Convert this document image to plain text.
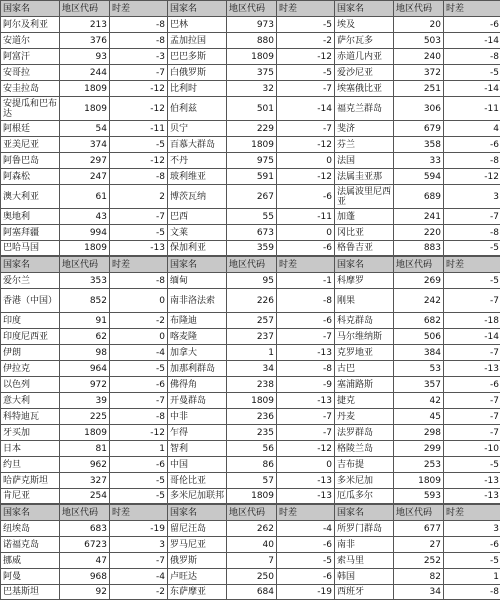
国家名	地区代码	时差
阿尔及利亚	213	-8
安道尔	376	-8
阿富汗	93	-3
安哥拉	244	-7
安圭拉岛	1809	-12
安提瓜和巴布达	1809	-12
阿根廷	54	-11
亚美尼亚	374	-5
阿鲁巴岛	297	-12
阿森松	247	-8
澳大利亚	61	2
奥地利	43	-7
阿塞拜疆	994	-5
巴哈马国	1809	-13
国家名	地区代码	时差
巴林	973	-5
孟加拉国	880	-2
巴巴多斯	1809	-12
白俄罗斯	375	-5
比利时	32	-7
伯利兹	501	-14
贝宁	229	-7
百慕大群岛	1809	-12
不丹	975	0
玻利维亚	591	-12
博茨瓦纳	267	-6
巴西	55	-11
文莱	673	0
保加利亚	359	-6
国家名	地区代码	时差
埃及	20	-6
萨尔瓦多	503	-14
赤道几内亚	240	-8
爱沙尼亚	372	-5
埃塞俄比亚	251	-14
福克兰群岛	306	-11
斐济	679	4
芬兰	358	-6
法国	33	-8
法属圭亚那	594	-12
法属波里尼西亚	689	3
加蓬	241	-7
冈比亚	220	-8
格鲁吉亚	883	-5
国家名	地区代码	时差
爱尔兰	353	-8
香港（中国）	852	0
印度	91	-2
印度尼西亚	62	0
伊朗	98	-4
伊拉克	964	-5
以色列	972	-6
意大利	39	-7
科特迪瓦	225	-8
牙买加	1809	-12
日本	81	1
约旦	962	-6
哈萨克斯坦	327	-5
肯尼亚	254	-5
国家名	地区代码	时差
缅甸	95	-1
南非洛法索	226	-8
布隆迪	257	-6
喀麦隆	237	-7
加拿大	1	-13
加那利群岛	34	-8
佛得角	238	-9
开曼群岛	1809	-13
中非	236	-7
乍得	235	-7
智利	56	-12
中国	86	0
哥伦比亚	57	-13
多米尼加联邦	1809	-13
国家名	地区代码	时差
科摩罗	269	-5
刚果	242	-7
科克群岛	682	-18
马尔维纳斯	506	-14
克罗地亚	384	-7
古巴	53	-13
塞浦路斯	357	-6
捷克	42	-7
丹麦	45	-7
法罗群岛	298	-7
格陵兰岛	299	-10
吉布提	253	-5
多米尼加	1809	-13
厄瓜多尔	593	-13
国家名	地区代码	时差
纽埃岛	683	-19
诺福克岛	6723	3
挪威	47	-7
阿曼	968	-4
巴基斯坦	92	-2
国家名	地区代码	时差
留尼汪岛	262	-4
罗马尼亚	40	-6
俄罗斯	7	-5
卢旺达	250	-6
东萨摩亚	684	-19
国家名	地区代码	时差
所罗门群岛	677	3
南非	27	-6
索马里	252	-5
韩国	82	1
西班牙	34	-8
